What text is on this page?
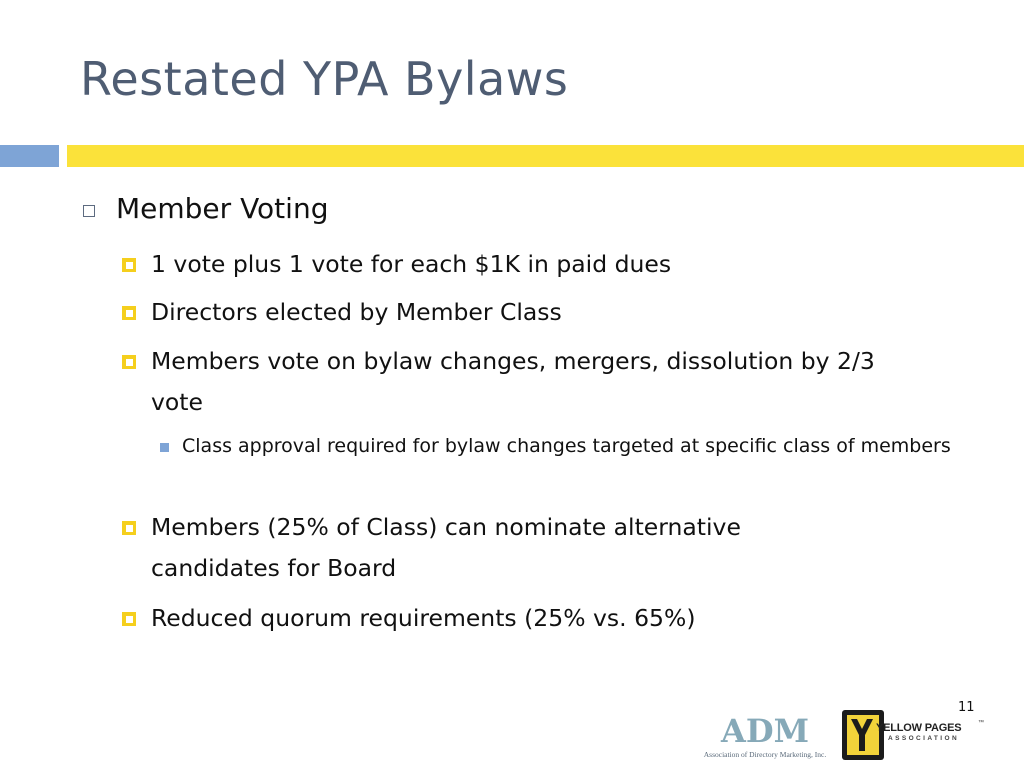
Restated YPA Bylaws
Member Voting
1 vote plus 1 vote for each $1K in paid dues
Directors elected by Member Class
Members vote on bylaw changes, mergers, dissolution by 2/3 vote
Class approval required for bylaw changes targeted at specific class of members
Members (25% of Class) can nominate alternative candidates for Board
Reduced quorum requirements (25% vs. 65%)
11
ADM
Association of Directory Marketing, Inc.
YELLOW PAGES	™
ASSOCIATION
